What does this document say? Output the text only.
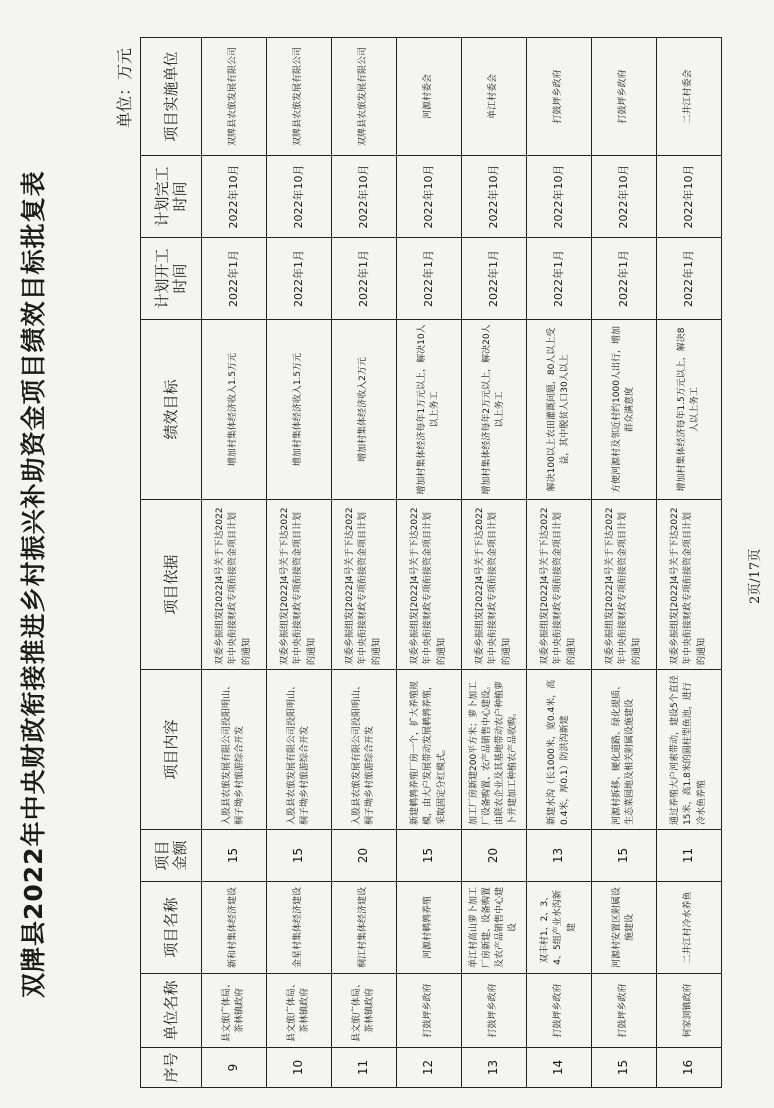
双牌县2022年中央财政衔接推进乡村振兴补助资金项目绩效目标批复表
单位：万元
序号	单位名称	项目名称	项目金额	项目内容	项目依据	绩效目标	计划开工时间	计划完工时间	项目实施单位
9	县文旅广体局、茶林镇政府	新和村集体经济建设	15	入股县农旅发展有限公司投阳明山、桐子坳乡村旅游综合开发	双委乡振组发[2022]4号关于下达2022年中央衔接财政专项衔接资金项目计划的通知	增加村集体经济收入1.5万元	2022年1月	2022年10月	双牌县农旅发展有限公司
10	县文旅广体局、茶林镇政府	金星村集体经济建设	15	入股县农旅发展有限公司投阳明山、桐子坳乡村旅游综合开发	双委乡振组发[2022]4号关于下达2022年中央衔接财政专项衔接资金项目计划的通知	增加村集体经济收入1.5万元	2022年1月	2022年10月	双牌县农旅发展有限公司
11	县文旅广体局、茶林镇政府	桐江村集体经济建设	20	入股县农旅发展有限公司投阳明山、桐子坳乡村旅游综合开发	双委乡振组发[2022]4号关于下达2022年中央衔接财政专项衔接资金项目计划的通知	增加村集体经济收入2万元	2022年1月	2022年10月	双牌县农旅发展有限公司
12	打鼓坪乡政府	河源村鹌鹑养殖	15	新建鹌鹑养殖厂房一个，扩大养殖规模，由大户发展带动发展鹌鹑养殖，采取固定分红模式。	双委乡振组发[2022]4号关于下达2022年中央衔接财政专项衔接资金项目计划的通知	增加村集体经济每年1万元以上，解决10人以上务工	2022年1月	2022年10月	河源村委会
13	打鼓坪乡政府	单江村高山萝卜加工厂房新建、设备购置及农产品销售中心建设	20	加工厂房新建200平方米；萝卜加工厂设备购置、农产品销售中心建设。由联农企业及其基地带动农户种植萝卜并建加工种植农产品收购。	双委乡振组发[2022]4号关于下达2022年中央衔接财政专项衔接资金项目计划的通知	增加村集体经济每年2万元以上，解决20人以上务工	2022年1月	2022年10月	单江村委会
14	打鼓坪乡政府	双丰村1、2、3、4、5组产业水沟新建	13	新建水沟（长1000米，宽0.4米，高0.4米，厚0.1）防洪沟新建	双委乡振组发[2022]4号关于下达2022年中央衔接财政专项衔接资金项目计划的通知	解决100以上农田灌溉问题，80人以上受益，其中脱贫人口30人以上	2022年1月	2022年10月	打鼓坪乡政府
15	打鼓坪乡政府	河源村安置区附属设施建设	15	河源村拆移、硬化道路、绿化提质、生态菜园地及相关附属设施建设	双委乡振组发[2022]4号关于下达2022年中央衔接财政专项衔接资金项目计划的通知	方便河源村及邻近村约1000人出行，增加群众满意度	2022年1月	2022年10月	打鼓坪乡政府
16	何家洞镇政府	二井江村冷水养鱼	11	通过养殖大户河索带动，建设5个直径15米，高1.8米的圆柱型鱼池，进行冷水鱼养殖	双委乡振组发[2022]4号关于下达2022年中央衔接财政专项衔接资金项目计划的通知	增加村集体经济每年1.5万元以上，解决8人以上务工	2022年1月	2022年10月	二井江村委会
2页/17页
